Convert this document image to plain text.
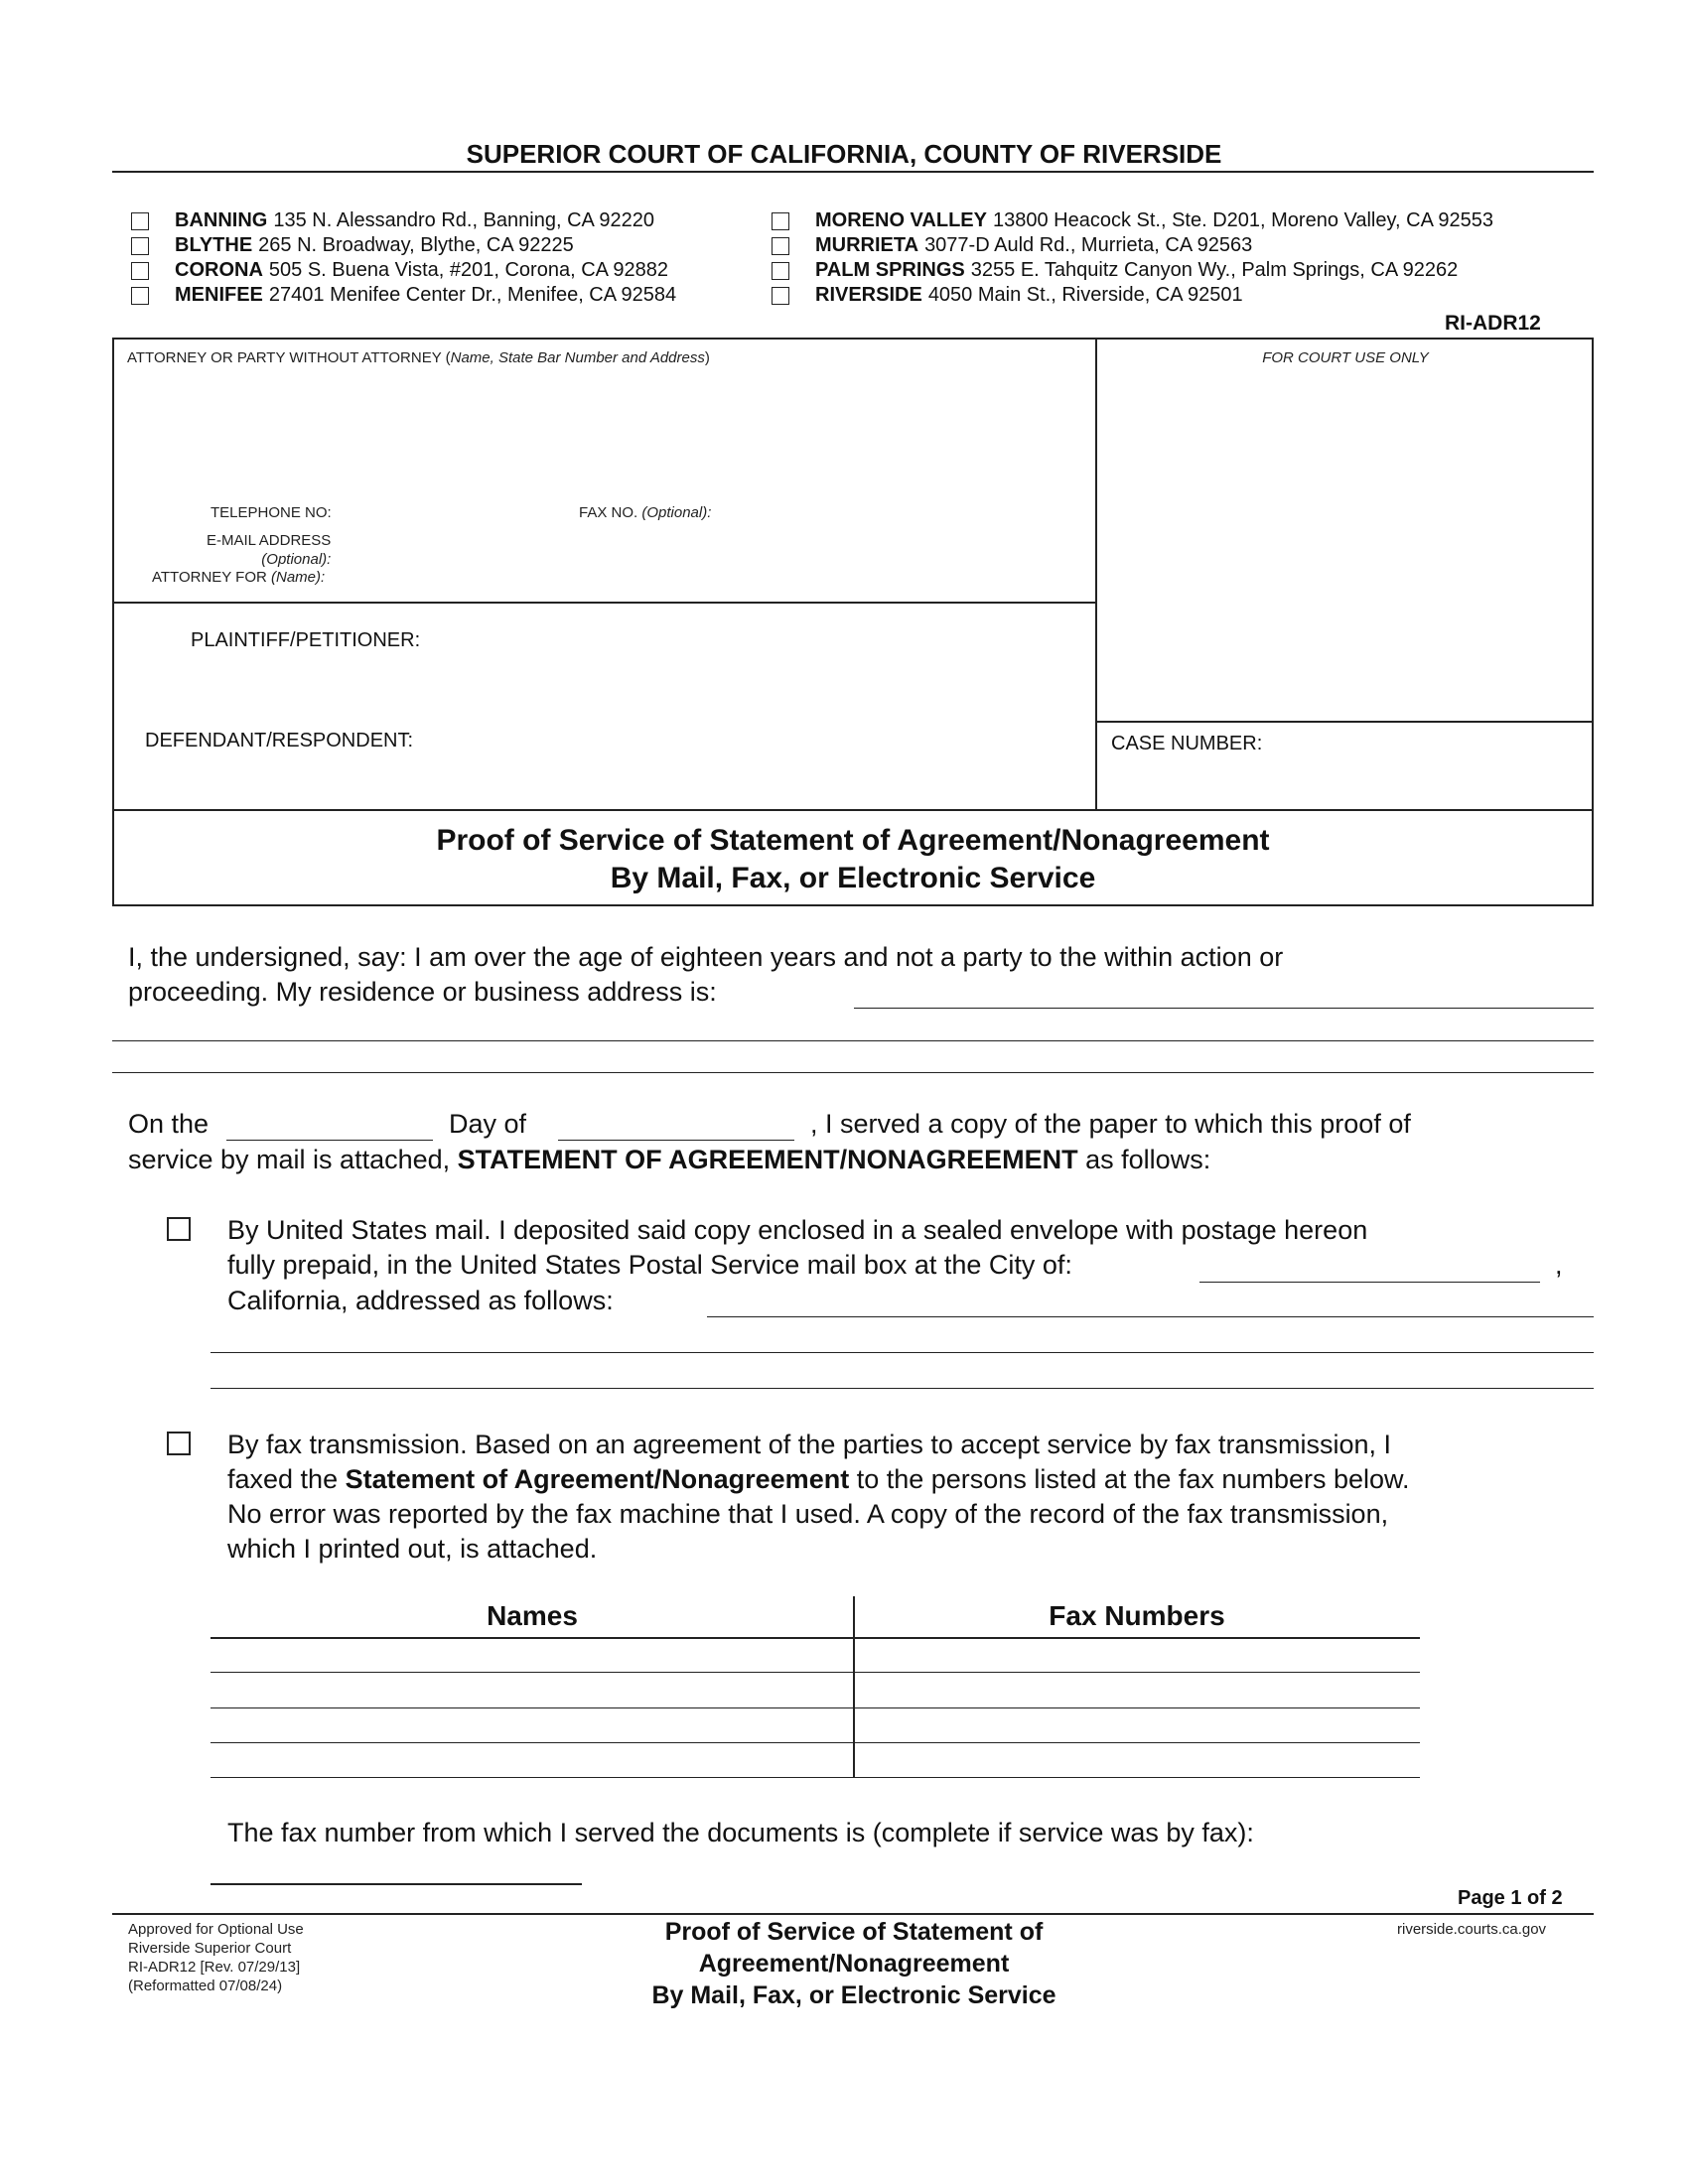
SUPERIOR COURT OF CALIFORNIA, COUNTY OF RIVERSIDE
BANNING 135 N. Alessandro Rd., Banning, CA 92220
BLYTHE 265 N. Broadway, Blythe, CA 92225
CORONA 505 S. Buena Vista, #201, Corona, CA 92882
MENIFEE 27401 Menifee Center Dr., Menifee, CA 92584
MORENO VALLEY 13800 Heacock St., Ste. D201, Moreno Valley, CA 92553
MURRIETA 3077-D Auld Rd., Murrieta, CA 92563
PALM SPRINGS 3255 E. Tahquitz Canyon Wy., Palm Springs, CA 92262
RIVERSIDE 4050 Main St., Riverside, CA 92501
RI-ADR12
ATTORNEY OR PARTY WITHOUT ATTORNEY (Name, State Bar Number and Address)
TELEPHONE NO:	FAX NO. (Optional):
E-MAIL ADDRESS
(Optional):
ATTORNEY FOR (Name):
FOR COURT USE ONLY
PLAINTIFF/PETITIONER:
DEFENDANT/RESPONDENT:	CASE NUMBER:
Proof of Service of Statement of Agreement/Nonagreement
By Mail, Fax, or Electronic Service
I, the undersigned, say: I am over the age of eighteen years and not a party to the within action or
proceeding. My residence or business address is:
On the	Day of	, I served a copy of the paper to which this proof of
service by mail is attached, STATEMENT OF AGREEMENT/NONAGREEMENT as follows:
By United States mail. I deposited said copy enclosed in a sealed envelope with postage hereon
fully prepaid, in the United States Postal Service mail box at the City of:	,
California, addressed as follows:
By fax transmission. Based on an agreement of the parties to accept service by fax transmission, I
faxed the Statement of Agreement/Nonagreement to the persons listed at the fax numbers below.
No error was reported by the fax machine that I used. A copy of the record of the fax transmission,
which I printed out, is attached.
Names	Fax Numbers
The fax number from which I served the documents is (complete if service was by fax):
Page 1 of 2
Approved for Optional Use
Riverside Superior Court
RI-ADR12 [Rev. 07/29/13]
(Reformatted 07/08/24)
Proof of Service of Statement of
Agreement/Nonagreement
By Mail, Fax, or Electronic Service
riverside.courts.ca.gov
